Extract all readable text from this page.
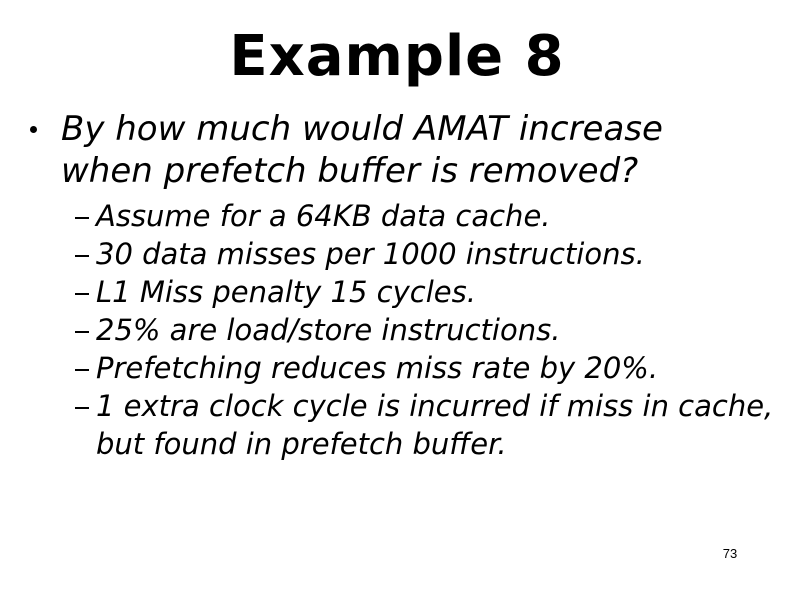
Example 8
By how much would AMAT increase when prefetch buffer is removed?
Assume for a 64KB data cache.
30 data misses per 1000 instructions.
L1 Miss penalty 15 cycles.
25% are load/store instructions.
Prefetching reduces miss rate by 20%.
1 extra clock cycle is incurred if miss in cache, but found in prefetch buffer.
73
